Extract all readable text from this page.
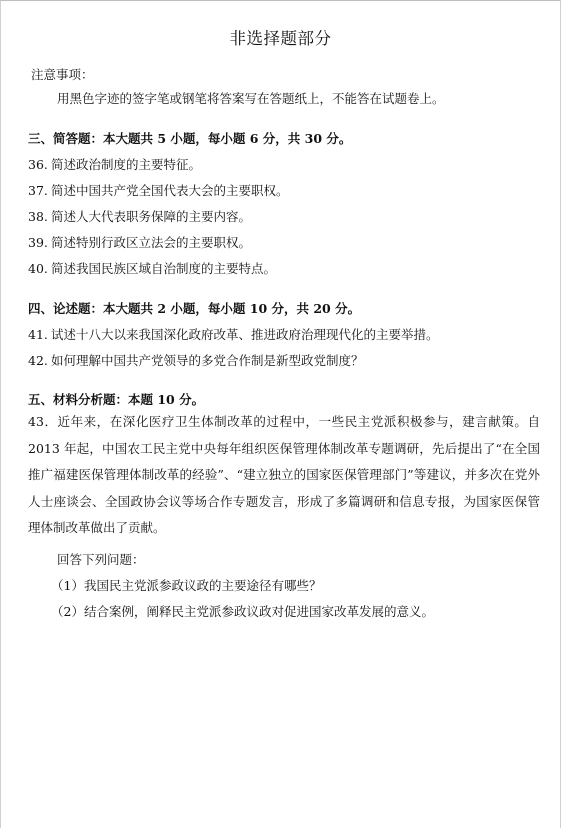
非选择题部分
注意事项：
用黑色字迹的签字笔或钢笔将答案写在答题纸上，不能答在试题卷上。
三、简答题：本大题共 5 小题，每小题 6 分，共 30 分。
36. 简述政治制度的主要特征。
37. 简述中国共产党全国代表大会的主要职权。
38. 简述人大代表职务保障的主要内容。
39. 简述特别行政区立法会的主要职权。
40. 简述我国民族区域自治制度的主要特点。
四、论述题：本大题共 2 小题，每小题 10 分，共 20 分。
41. 试述十八大以来我国深化政府改革、推进政府治理现代化的主要举措。
42. 如何理解中国共产党领导的多党合作制是新型政党制度？
五、材料分析题：本题 10 分。
43．近年来，在深化医疗卫生体制改革的过程中，一些民主党派积极参与，建言献策。自 2013 年起，中国农工民主党中央每年组织医保管理体制改革专题调研，先后提出了“在全国推广福建医保管理体制改革的经验”、“建立独立的国家医保管理部门”等建议，并多次在党外人士座谈会、全国政协会议等场合作专题发言，形成了多篇调研和信息专报，为国家医保管理体制改革做出了贡献。
回答下列问题：
（1）我国民主党派参政议政的主要途径有哪些？
（2）结合案例，阐释民主党派参政议政对促进国家改革发展的意义。
